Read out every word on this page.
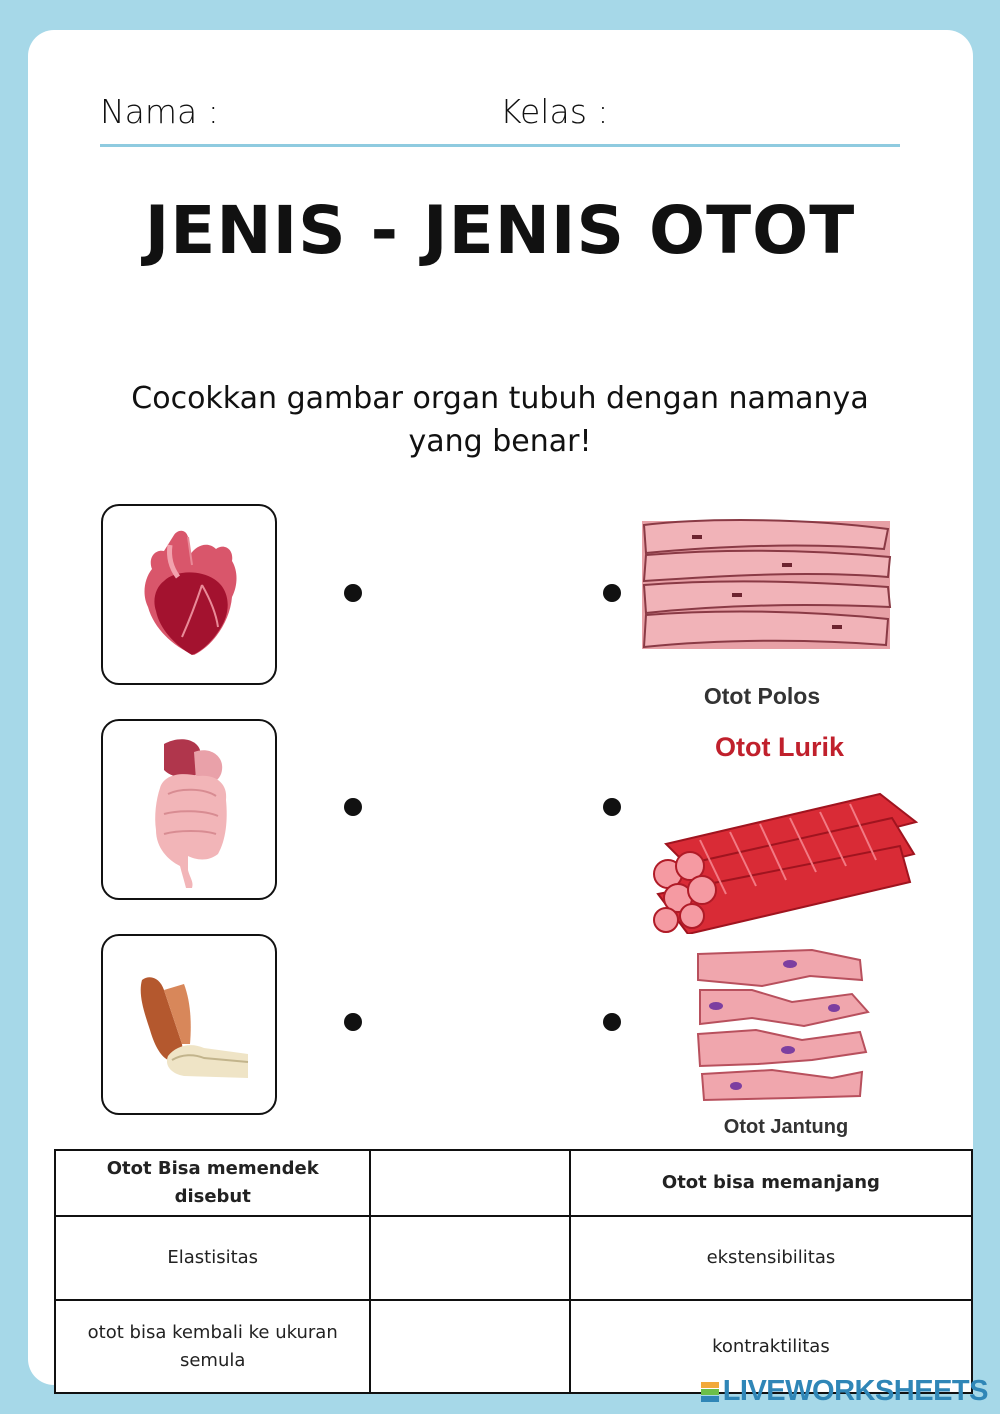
Nama :	Kelas :
JENIS - JENIS OTOT
Cocokkan gambar organ tubuh dengan namanya yang benar!
Otot Polos
Otot Lurik
Otot Jantung
Otot Bisa memendek disebut		Otot bisa memanjang
Elastisitas		ekstensibilitas
otot bisa kembali ke ukuran semula		kontraktilitas
LIVEWORKSHEETS
